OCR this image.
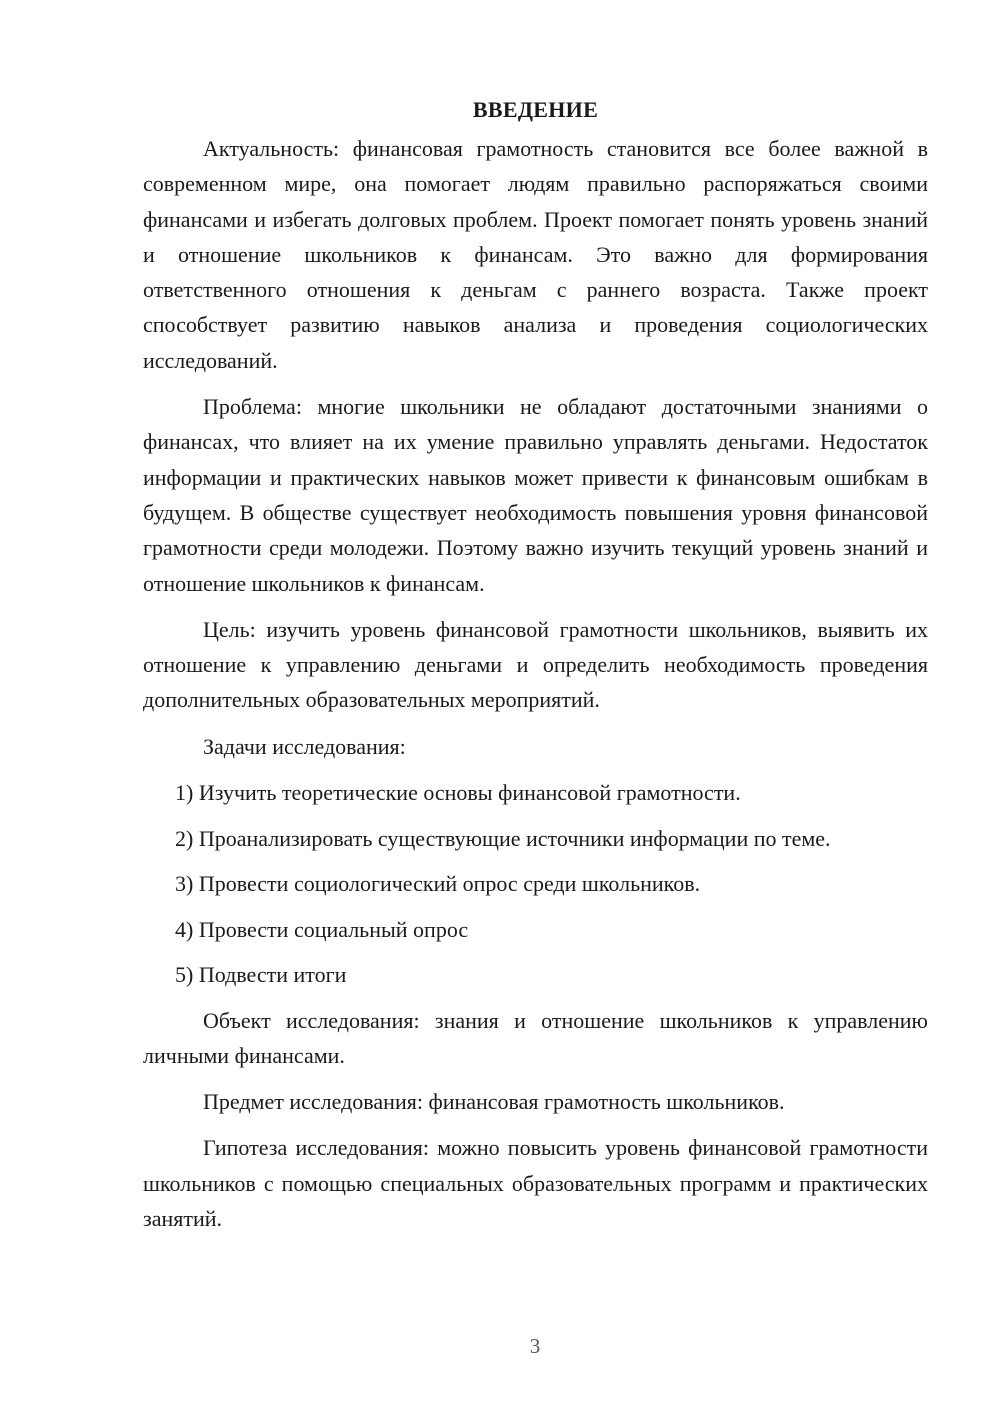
ВВЕДЕНИЕ

Актуальность: финансовая грамотность становится все более важной в современном мире, она помогает людям правильно распоряжаться своими финансами и избегать долговых проблем. Проект помогает понять уровень знаний и отношение школьников к финансам. Это важно для формирования ответственного отношения к деньгам с раннего возраста. Также проект способствует развитию навыков анализа и проведения социологических исследований.

Проблема: многие школьники не обладают достаточными знаниями о финансах, что влияет на их умение правильно управлять деньгами. Недостаток информации и практических навыков может привести к финансовым ошибкам в будущем. В обществе существует необходимость повышения уровня финансовой грамотности среди молодежи. Поэтому важно изучить текущий уровень знаний и отношение школьников к финансам.

Цель: изучить уровень финансовой грамотности школьников, выявить их отношение к управлению деньгами и определить необходимость проведения дополнительных образовательных мероприятий.

Задачи исследования:

1) Изучить теоретические основы финансовой грамотности.
2) Проанализировать существующие источники информации по теме.
3) Провести социологический опрос среди школьников.
4) Провести социальный опрос
5) Подвести итоги

Объект исследования: знания и отношение школьников к управлению личными финансами.

Предмет исследования: финансовая грамотность школьников.

Гипотеза исследования: можно повысить уровень финансовой грамотности школьников с помощью специальных образовательных программ и практических занятий.

3
